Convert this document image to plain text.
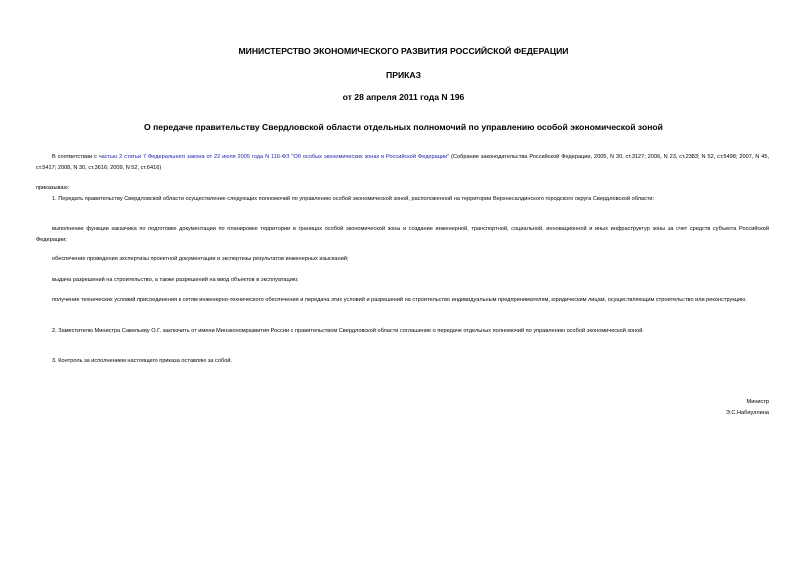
МИНИСТЕРСТВО ЭКОНОМИЧЕСКОГО РАЗВИТИЯ РОССИЙСКОЙ ФЕДЕРАЦИИ
ПРИКАЗ
от 28 апреля 2011 года N 196
О передаче правительству Свердловской области отдельных полномочий по управлению особой экономической зоной

В соответствии с частью 2 статьи 7 Федерального закона от 22 июля 2005 года N 116-ФЗ "Об особых экономических зонах в Российской Федерации" (Собрание законодательства Российской Федерации, 2005, N 30, ст.3127; 2006, N 23, ст.2383; N 52, ст.5498; 2007, N 45, ст.5417; 2008, N 30, ст.3616; 2009, N 52, ст.6416)

приказываю:

1. Передать правительству Свердловской области осуществление следующих полномочий по управлению особой экономической зоной, расположенной на территории Верхнесалдинского городского округа Свердловской области:

выполнение функции заказчика по подготовке документации по планировке территории в границах особой экономической зоны и создание инженерной, транспортной, социальной, инновационной и иных инфраструктур зоны за счет средств субъекта Российской Федерации;

обеспечение проведения экспертизы проектной документации и экспертизы результатов инженерных изысканий;

выдача разрешений на строительство, а также разрешений на ввод объектов в эксплуатацию;

получение технических условий присоединения к сетям инженерно-технического обеспечения и передача этих условий и разрешений на строительство индивидуальным предпринимателям, юридическим лицам, осуществляющим строительство или реконструкцию.

2. Заместителю Министра Савельеву О.Г. заключить от имени Минэкономразвития России с правительством Свердловской области соглашение о передаче отдельных полномочий по управлению особой экономической зоной.

3. Контроль за исполнением настоящего приказа оставляю за собой.

Министр
Э.С.Набиуллина
